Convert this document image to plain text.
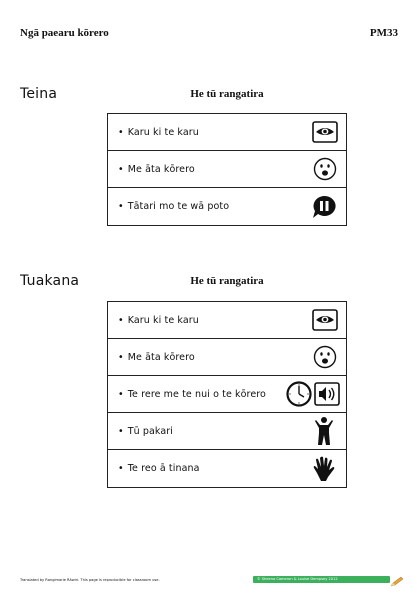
Ngā paearu kōrero	PM33
Teina	He tū rangatira
• Karu ki te karu
• Me āta kōrero
• Tātari mo te wā poto
Tuakana	He tū rangatira
• Karu ki te karu
• Me āta kōrero
• Te rere me te nui o te kōrero
• Tū pakari
• Te reo ā tinana
Translated by Rangimarie Rāwiri. This page is reproducible for classroom use.	© Sheena Cameron & Louise Dempsey 2012
